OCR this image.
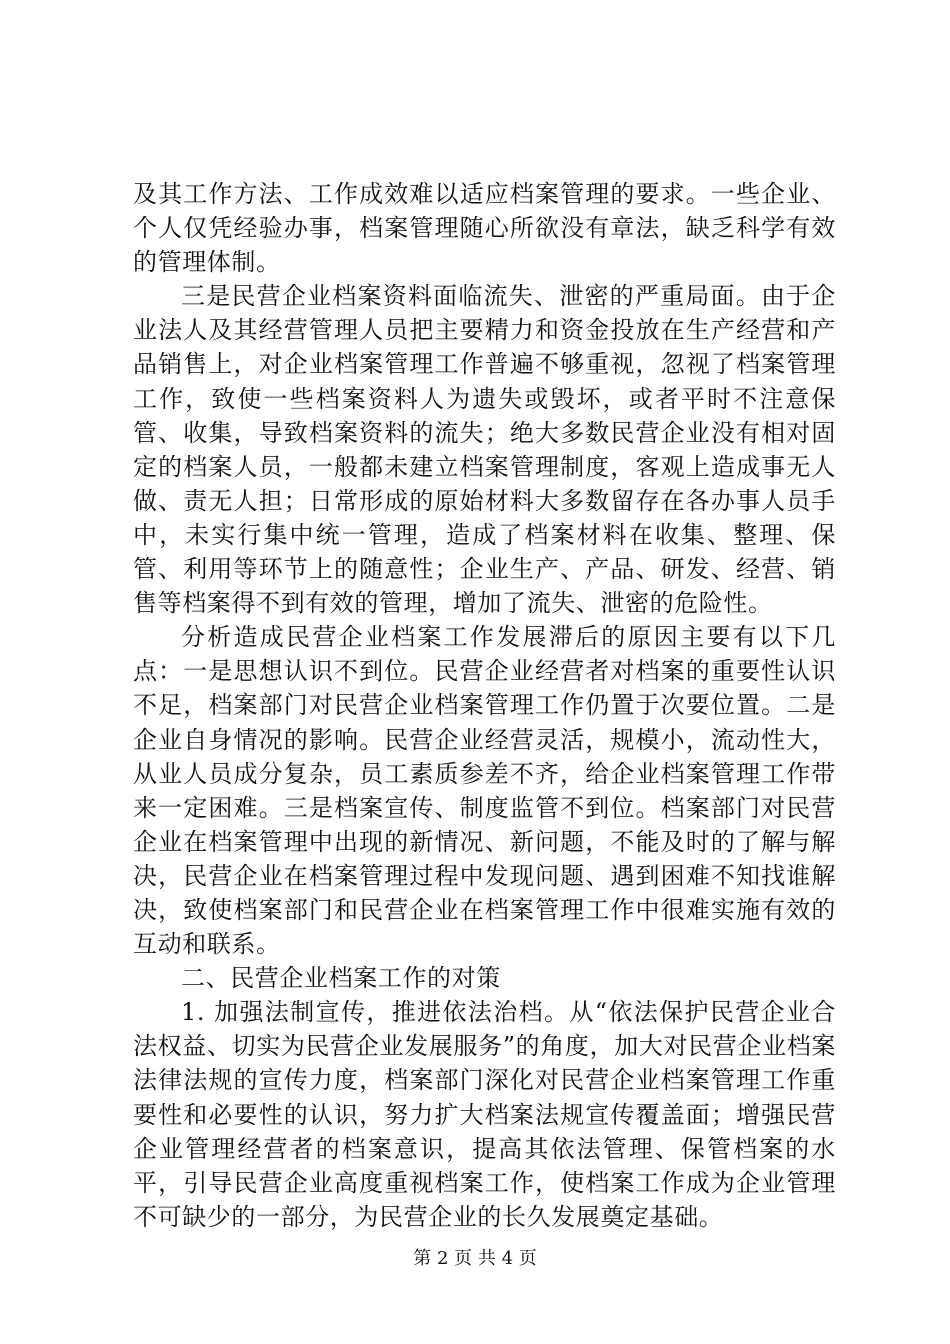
及其工作方法、工作成效难以适应档案管理的要求。一些企业、个人仅凭经验办事，档案管理随心所欲没有章法，缺乏科学有效的管理体制。

三是民营企业档案资料面临流失、泄密的严重局面。由于企业法人及其经营管理人员把主要精力和资金投放在生产经营和产品销售上，对企业档案管理工作普遍不够重视，忽视了档案管理工作，致使一些档案资料人为遗失或毁坏，或者平时不注意保管、收集，导致档案资料的流失；绝大多数民营企业没有相对固定的档案人员，一般都未建立档案管理制度，客观上造成事无人做、责无人担；日常形成的原始材料大多数留存在各办事人员手中，未实行集中统一管理，造成了档案材料在收集、整理、保管、利用等环节上的随意性；企业生产、产品、研发、经营、销售等档案得不到有效的管理，增加了流失、泄密的危险性。

分析造成民营企业档案工作发展滞后的原因主要有以下几点：一是思想认识不到位。民营企业经营者对档案的重要性认识不足，档案部门对民营企业档案管理工作仍置于次要位置。二是企业自身情况的影响。民营企业经营灵活，规模小，流动性大，从业人员成分复杂，员工素质参差不齐，给企业档案管理工作带来一定困难。三是档案宣传、制度监管不到位。档案部门对民营企业在档案管理中出现的新情况、新问题，不能及时的了解与解决，民营企业在档案管理过程中发现问题、遇到困难不知找谁解决，致使档案部门和民营企业在档案管理工作中很难实施有效的互动和联系。

二、民营企业档案工作的对策

1. 加强法制宣传，推进依法治档。从“依法保护民营企业合法权益、切实为民营企业发展服务”的角度，加大对民营企业档案法律法规的宣传力度，档案部门深化对民营企业档案管理工作重要性和必要性的认识，努力扩大档案法规宣传覆盖面；增强民营企业管理经营者的档案意识，提高其依法管理、保管档案的水平，引导民营企业高度重视档案工作，使档案工作成为企业管理不可缺少的一部分，为民营企业的长久发展奠定基础。

第 2 页 共 4 页
